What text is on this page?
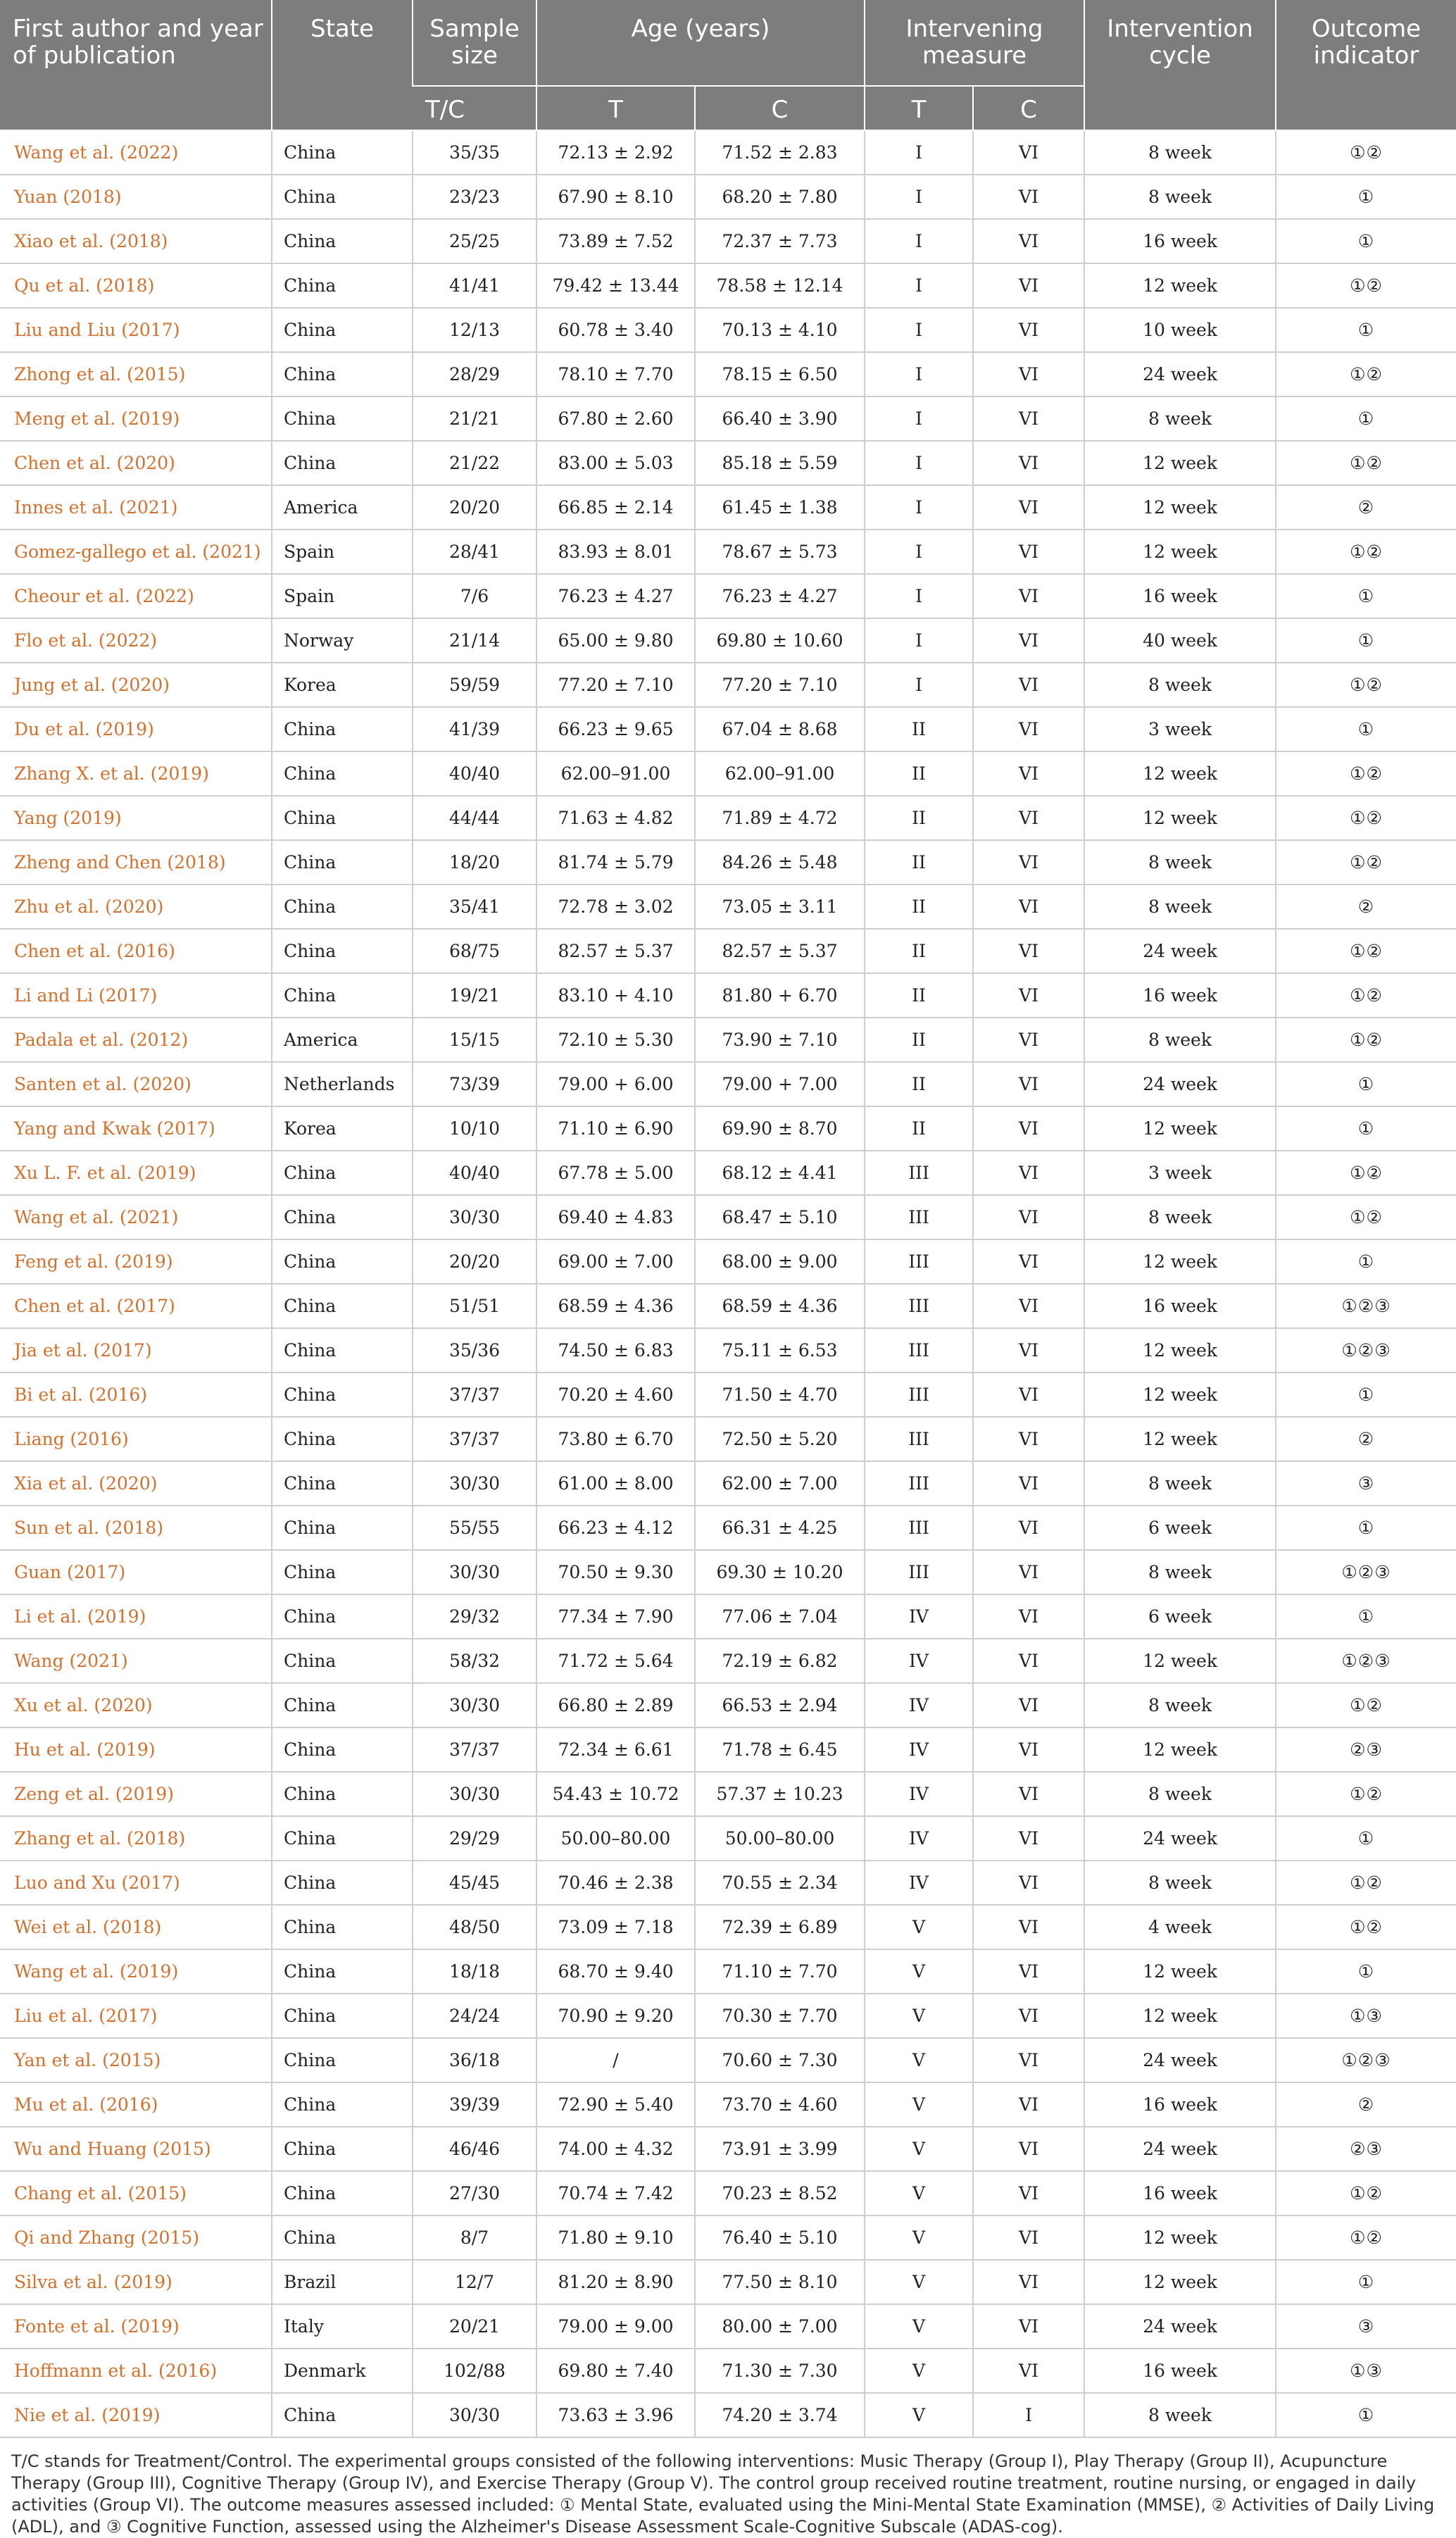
First author and year of publication	State	Sample size	Age (years)		Intervening measure		Intervention cycle	Outcome indicator
		T/C	T	C	T	C		
Wang et al. (2022)	China	35/35	72.13 ± 2.92	71.52 ± 2.83	I	VI	8 week	①②
Yuan (2018)	China	23/23	67.90 ± 8.10	68.20 ± 7.80	I	VI	8 week	①
Xiao et al. (2018)	China	25/25	73.89 ± 7.52	72.37 ± 7.73	I	VI	16 week	①
Qu et al. (2018)	China	41/41	79.42 ± 13.44	78.58 ± 12.14	I	VI	12 week	①②
Liu and Liu (2017)	China	12/13	60.78 ± 3.40	70.13 ± 4.10	I	VI	10 week	①
Zhong et al. (2015)	China	28/29	78.10 ± 7.70	78.15 ± 6.50	I	VI	24 week	①②
Meng et al. (2019)	China	21/21	67.80 ± 2.60	66.40 ± 3.90	I	VI	8 week	①
Chen et al. (2020)	China	21/22	83.00 ± 5.03	85.18 ± 5.59	I	VI	12 week	①②
Innes et al. (2021)	America	20/20	66.85 ± 2.14	61.45 ± 1.38	I	VI	12 week	②
Gomez-gallego et al. (2021)	Spain	28/41	83.93 ± 8.01	78.67 ± 5.73	I	VI	12 week	①②
Cheour et al. (2022)	Spain	7/6	76.23 ± 4.27	76.23 ± 4.27	I	VI	16 week	①
Flo et al. (2022)	Norway	21/14	65.00 ± 9.80	69.80 ± 10.60	I	VI	40 week	①
Jung et al. (2020)	Korea	59/59	77.20 ± 7.10	77.20 ± 7.10	I	VI	8 week	①②
Du et al. (2019)	China	41/39	66.23 ± 9.65	67.04 ± 8.68	II	VI	3 week	①
Zhang X. et al. (2019)	China	40/40	62.00–91.00	62.00–91.00	II	VI	12 week	①②
Yang (2019)	China	44/44	71.63 ± 4.82	71.89 ± 4.72	II	VI	12 week	①②
Zheng and Chen (2018)	China	18/20	81.74 ± 5.79	84.26 ± 5.48	II	VI	8 week	①②
Zhu et al. (2020)	China	35/41	72.78 ± 3.02	73.05 ± 3.11	II	VI	8 week	②
Chen et al. (2016)	China	68/75	82.57 ± 5.37	82.57 ± 5.37	II	VI	24 week	①②
Li and Li (2017)	China	19/21	83.10 + 4.10	81.80 + 6.70	II	VI	16 week	①②
Padala et al. (2012)	America	15/15	72.10 ± 5.30	73.90 ± 7.10	II	VI	8 week	①②
Santen et al. (2020)	Netherlands	73/39	79.00 + 6.00	79.00 + 7.00	II	VI	24 week	①
Yang and Kwak (2017)	Korea	10/10	71.10 ± 6.90	69.90 ± 8.70	II	VI	12 week	①
Xu L. F. et al. (2019)	China	40/40	67.78 ± 5.00	68.12 ± 4.41	III	VI	3 week	①②
Wang et al. (2021)	China	30/30	69.40 ± 4.83	68.47 ± 5.10	III	VI	8 week	①②
Feng et al. (2019)	China	20/20	69.00 ± 7.00	68.00 ± 9.00	III	VI	12 week	①
Chen et al. (2017)	China	51/51	68.59 ± 4.36	68.59 ± 4.36	III	VI	16 week	①②③
Jia et al. (2017)	China	35/36	74.50 ± 6.83	75.11 ± 6.53	III	VI	12 week	①②③
Bi et al. (2016)	China	37/37	70.20 ± 4.60	71.50 ± 4.70	III	VI	12 week	①
Liang (2016)	China	37/37	73.80 ± 6.70	72.50 ± 5.20	III	VI	12 week	②
Xia et al. (2020)	China	30/30	61.00 ± 8.00	62.00 ± 7.00	III	VI	8 week	③
Sun et al. (2018)	China	55/55	66.23 ± 4.12	66.31 ± 4.25	III	VI	6 week	①
Guan (2017)	China	30/30	70.50 ± 9.30	69.30 ± 10.20	III	VI	8 week	①②③
Li et al. (2019)	China	29/32	77.34 ± 7.90	77.06 ± 7.04	IV	VI	6 week	①
Wang (2021)	China	58/32	71.72 ± 5.64	72.19 ± 6.82	IV	VI	12 week	①②③
Xu et al. (2020)	China	30/30	66.80 ± 2.89	66.53 ± 2.94	IV	VI	8 week	①②
Hu et al. (2019)	China	37/37	72.34 ± 6.61	71.78 ± 6.45	IV	VI	12 week	②③
Zeng et al. (2019)	China	30/30	54.43 ± 10.72	57.37 ± 10.23	IV	VI	8 week	①②
Zhang et al. (2018)	China	29/29	50.00–80.00	50.00–80.00	IV	VI	24 week	①
Luo and Xu (2017)	China	45/45	70.46 ± 2.38	70.55 ± 2.34	IV	VI	8 week	①②
Wei et al. (2018)	China	48/50	73.09 ± 7.18	72.39 ± 6.89	V	VI	4 week	①②
Wang et al. (2019)	China	18/18	68.70 ± 9.40	71.10 ± 7.70	V	VI	12 week	①
Liu et al. (2017)	China	24/24	70.90 ± 9.20	70.30 ± 7.70	V	VI	12 week	①③
Yan et al. (2015)	China	36/18	/	70.60 ± 7.30	V	VI	24 week	①②③
Mu et al. (2016)	China	39/39	72.90 ± 5.40	73.70 ± 4.60	V	VI	16 week	②
Wu and Huang (2015)	China	46/46	74.00 ± 4.32	73.91 ± 3.99	V	VI	24 week	②③
Chang et al. (2015)	China	27/30	70.74 ± 7.42	70.23 ± 8.52	V	VI	16 week	①②
Qi and Zhang (2015)	China	8/7	71.80 ± 9.10	76.40 ± 5.10	V	VI	12 week	①②
Silva et al. (2019)	Brazil	12/7	81.20 ± 8.90	77.50 ± 8.10	V	VI	12 week	①
Fonte et al. (2019)	Italy	20/21	79.00 ± 9.00	80.00 ± 7.00	V	VI	24 week	③
Hoffmann et al. (2016)	Denmark	102/88	69.80 ± 7.40	71.30 ± 7.30	V	VI	16 week	①③
Nie et al. (2019)	China	30/30	73.63 ± 3.96	74.20 ± 3.74	V	I	8 week	①
T/C stands for Treatment/Control. The experimental groups consisted of the following interventions: Music Therapy (Group I), Play Therapy (Group II), Acupuncture Therapy (Group III), Cognitive Therapy (Group IV), and Exercise Therapy (Group V). The control group received routine treatment, routine nursing, or engaged in daily activities (Group VI). The outcome measures assessed included: ① Mental State, evaluated using the Mini-Mental State Examination (MMSE), ② Activities of Daily Living (ADL), and ③ Cognitive Function, assessed using the Alzheimer's Disease Assessment Scale-Cognitive Subscale (ADAS-cog).
